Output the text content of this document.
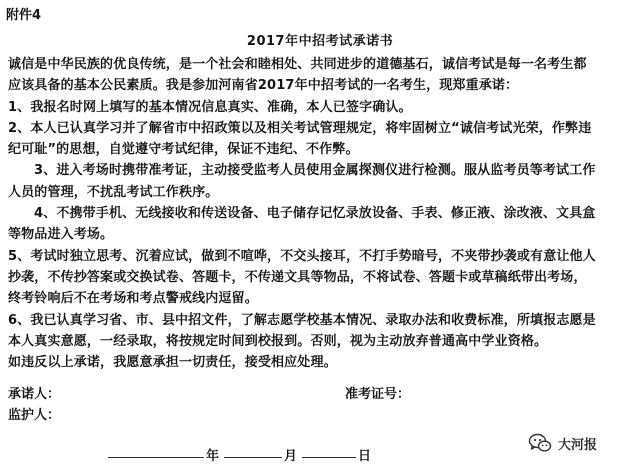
附件4
2017年中招考试承诺书

诚信是中华民族的优良传统，是一个社会和睦相处、共同进步的道德基石，诚信考试是每一名考生都

应该具备的基本公民素质。我是参加河南省2017年中招考试的一名考生，现郑重承诺：

1、我报名时网上填写的基本情况信息真实、准确，本人已签字确认。

2、本人已认真学习并了解省市中招政策以及相关考试管理规定，将牢固树立“诚信考试光荣，作弊违

纪可耻”的思想，自觉遵守考试纪律，保证不违纪、不作弊。

3、进入考场时携带准考证，主动接受监考人员使用金属探测仪进行检测。服从监考员等考试工作

人员的管理，不扰乱考试工作秩序。

4、不携带手机、无线接收和传送设备、电子储存记忆录放设备、手表、修正液、涂改液、文具盒

等物品进入考场。

5、考试时独立思考、沉着应试，做到不喧哗，不交头接耳，不打手势暗号，不夹带抄袭或有意让他人

抄袭，不传抄答案或交换试卷、答题卡，不传递文具等物品，不将试卷、答题卡或草稿纸带出考场，

终考铃响后不在考场和考点警戒线内逗留。

6、我已认真学习省、市、县中招文件，了解志愿学校基本情况、录取办法和收费标准，所填报志愿是

本人真实意愿，一经录取，将按规定时间到校报到。否则，视为主动放弃普通高中学业资格。

如违反以上承诺，我愿意承担一切责任，接受相应处理。

承诺人：	准考证号：
监护人：
年	月	日
大河报
